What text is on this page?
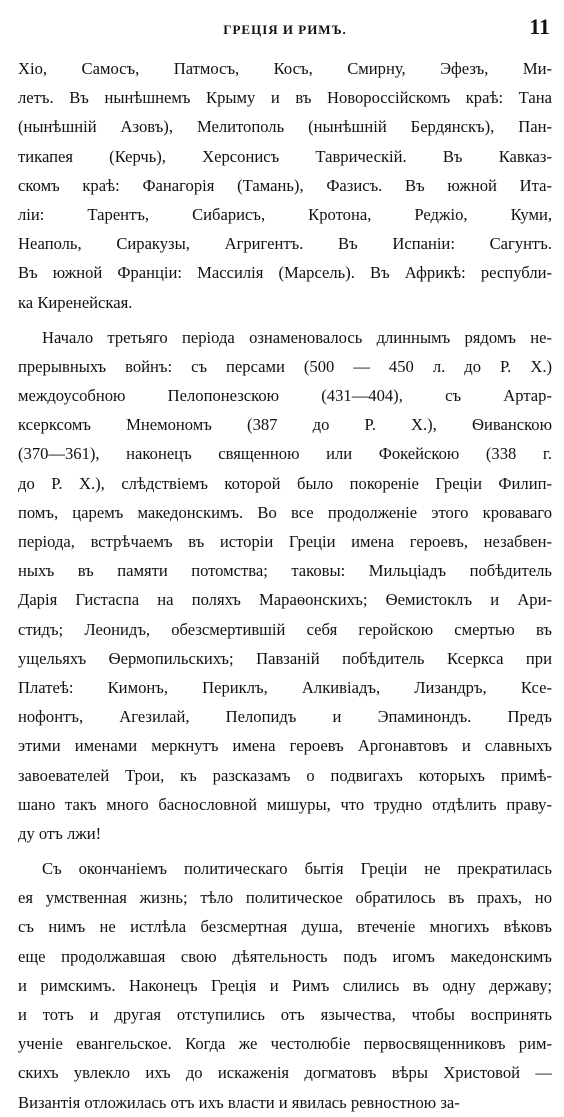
ГРЕЦІЯ И РИМЪ.	11
Хіо, Самосъ, Патмосъ, Косъ, Смирну, Эфезъ, Ми-
летъ. Въ нынѣшнемъ Крыму и въ Новороссійскомъ краѣ: Тана
(нынѣшній Азовъ), Мелитополь (нынѣшній Бердянскъ), Пан-
тикапея (Керчь), Херсонисъ Таврическій. Въ Кавказ-
скомъ краѣ: Фанагорія (Тамань), Фазисъ. Въ южной Ита-
ліи: Тарентъ, Сибарисъ, Кротона, Реджіо, Куми,
Неаполь, Сиракузы, Агригентъ. Въ Испаніи: Сагунтъ.
Въ южной Франціи: Массилія (Марсель). Въ Африкѣ: республи-
ка Киренейская.
Начало третьяго періода ознаменовалось длиннымъ рядомъ не-
прерывныхъ войнъ: съ персами (500 — 450 л. до Р. Х.)
междоусобною Пелопонезскою (431—404), съ Артар-
ксерксомъ Мнемономъ (387 до Р. Х.), Ѳиванскою
(370—361), наконецъ священною или Фокейскою (338 г.
до Р. Х.), слѣдствіемъ которой было покореніе Греціи Филип-
помъ, царемъ македонскимъ. Во все продолженіе этого кроваваго
періода, встрѣчаемъ въ исторіи Греціи имена героевъ, незабвен-
ныхъ въ памяти потомства; таковы: Мильціадъ побѣдитель
Дарія Гистаспа на поляхъ Мараѳонскихъ; Ѳемистоклъ и Ари-
стидъ; Леонидъ, обезсмертившій себя геройскою смертью въ
ущельяхъ Ѳермопильскихъ; Павзаній побѣдитель Ксеркса при
Платеѣ: Кимонъ, Периклъ, Алкивіадъ, Лизандръ, Ксе-
нофонтъ, Агезилай, Пелопидъ и Эпаминондъ. Предъ
этими именами меркнутъ имена героевъ Аргонавтовъ и славныхъ
завоевателей Трои, къ разсказамъ о подвигахъ которыхъ примѣ-
шано такъ много баснословной мишуры, что трудно отдѣлить праву-
ду отъ лжи!
Съ окончаніемъ политическаго бытія Греціи не прекратилась
ея умственная жизнь; тѣло политическое обратилось въ прахъ, но
съ нимъ не истлѣла безсмертная душа, втеченіе многихъ вѣковъ
еще продолжавшая свою дѣятельность подъ игомъ македонскимъ
и римскимъ. Наконецъ Греція и Римъ слились въ одну державу;
и тотъ и другая отступились отъ язычества, чтобы воспринять
ученіе евангельское. Когда же честолюбіе первосвященниковъ рим-
скихъ увлекло ихъ до искаженія догматовъ вѣры Христовой —
Византія отложилась отъ ихъ власти и явилась ревностною за-
